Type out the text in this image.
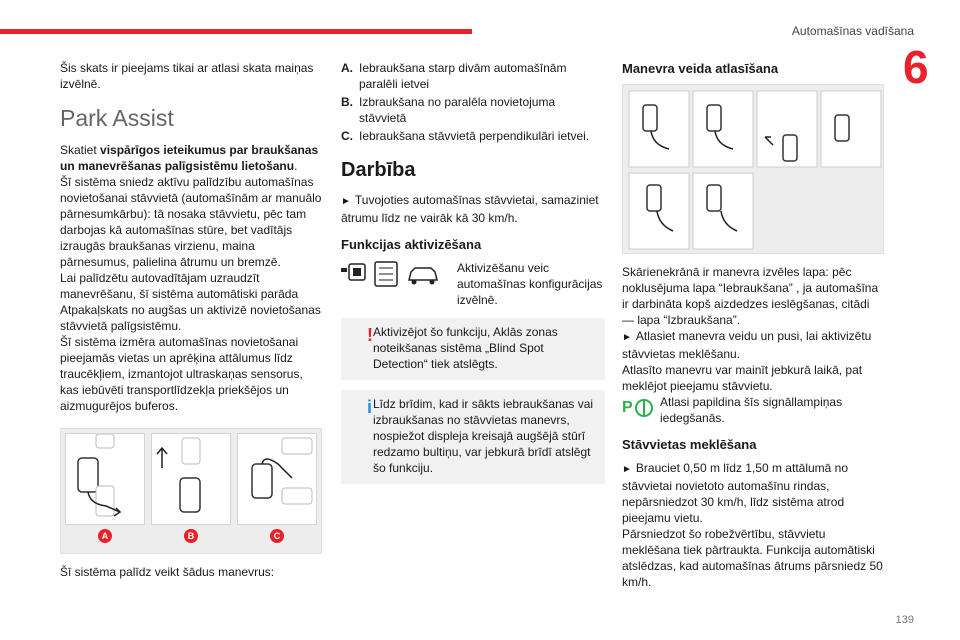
Automašīnas vadīšana
6
139

Šis skats ir pieejams tikai ar atlasi skata maiņas izvēlnē.

Park Assist

Skatiet vispārīgos ieteikumus par braukšanas un manevrēšanas palīgsistēmu lietošanu.

Šī sistēma sniedz aktīvu palīdzību automašīnas novietošanai stāvvietā (automašīnām ar manuālo pārnesumkārbu): tā nosaka stāvvietu, pēc tam darbojas kā automašīnas stūre, bet vadītājs izraugās braukšanas virzienu, maina pārnesumus, palielina ātrumu un bremzē.

Lai palīdzētu autovadītājam uzraudzīt manevrēšanu, šī sistēma automātiski parāda Atpakaļskats no augšas un aktivizē novietošanas stāvvietā palīgsistēmu.

Šī sistēma izmēra automašīnas novietošanai pieejamās vietas un aprēķina attālumus līdz traucēkļiem, izmantojot ultraskaņas sensorus, kas iebūvēti transportlīdzekļa priekšējos un aizmugurējos buferos.

A	B	C

Šī sistēma palīdz veikt šādus manevrus:

A. Iebraukšana starp divām automašīnām paralēli ietvei
B. Izbraukšana no paralēla novietojuma stāvvietā
C. Iebraukšana stāvvietā perpendikulāri ietvei.
Darbība

► Tuvojoties automašīnas stāvvietai, samaziniet ātrumu līdz ne vairāk kā 30 km/h.

Funkcijas aktivizēšana
Aktivizēšanu veic automašīnas konfigurācijas izvēlnē.
! Aktivizējot šo funkciju, Aklās zonas noteikšanas sistēma „Blind Spot Detection“ tiek atslēgts.

i Līdz brīdim, kad ir sākts iebraukšanas vai izbraukšanas no stāvvietas manevrs, nospiežot displeja kreisajā augšējā stūrī redzamo bultiņu, var jebkurā brīdī atslēgt šo funkciju.

Manevra veida atlasīšana

Skārienekrānā ir manevra izvēles lapa: pēc noklusējuma lapa “Iebraukšana” , ja automašīna ir darbināta kopš aizdedzes ieslēgšanas, citādi — lapa “Izbraukšana”.

► Atlasiet manevra veidu un pusi, lai aktivizētu stāvvietas meklēšanu.

Atlasīto manevru var mainīt jebkurā laikā, pat meklējot pieejamu stāvvietu.

P Atlasi papildina šīs signāllampiņas iedegšanās.
Stāvvietas meklēšana

► Brauciet 0,50 m līdz 1,50 m attālumā no stāvvietai novietoto automašīnu rindas, nepārsniedzot 30 km/h, līdz sistēma atrod pieejamu vietu.

Pārsniedzot šo robežvērtību, stāvvietu meklēšana tiek pārtraukta. Funkcija automātiski atslēdzas, kad automašīnas ātrums pārsniedz 50 km/h.
